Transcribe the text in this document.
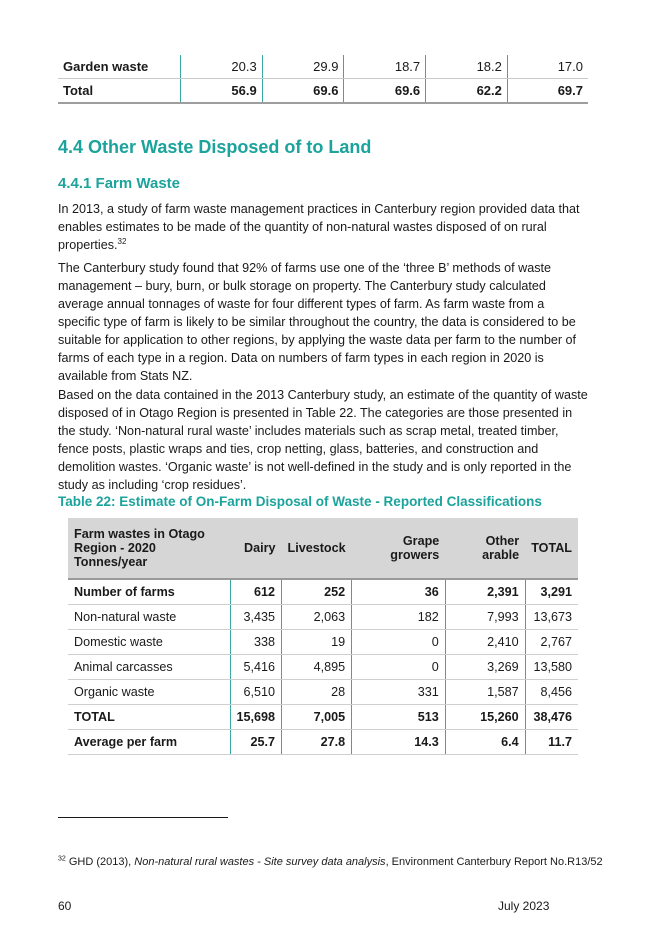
Garden waste	20.3	29.9	18.7	18.2	17.0
Total	56.9	69.6	69.6	62.2	69.7
4.4 Other Waste Disposed of to Land
4.4.1 Farm Waste

In 2013, a study of farm waste management practices in Canterbury region provided data that enables estimates to be made of the quantity of non-natural wastes disposed of on rural properties.$^{32}$

The Canterbury study found that 92% of farms use one of the ‘three B’ methods of waste management – bury, burn, or bulk storage on property. The Canterbury study calculated average annual tonnages of waste for four different types of farm. As farm waste from a specific type of farm is likely to be similar throughout the country, the data is considered to be suitable for application to other regions, by applying the waste data per farm to the number of farms of each type in a region. Data on numbers of farm types in each region in 2020 is available from Stats NZ.

Based on the data contained in the 2013 Canterbury study, an estimate of the quantity of waste disposed of in Otago Region is presented in Table 22. The categories are those presented in the study. ‘Non-natural rural waste’ includes materials such as scrap metal, treated timber, fence posts, plastic wraps and ties, crop netting, glass, batteries, and construction and demolition wastes. ‘Organic waste’ is not well-defined in the study and is only reported in the study as including ‘crop residues’.

Table 22: Estimate of On-Farm Disposal of Waste - Reported Classifications

Farm wastes in Otago Region - 2020 Tonnes/year	Dairy	Livestock	Grape growers	Other arable	TOTAL
Number of farms	612	252	36	2,391	3,291
Non-natural waste	3,435	2,063	182	7,993	13,673
Domestic waste	338	19	0	2,410	2,767
Animal carcasses	5,416	4,895	0	3,269	13,580
Organic waste	6,510	28	331	1,587	8,456
TOTAL	15,698	7,005	513	15,260	38,476
Average per farm	25.7	27.8	14.3	6.4	11.7

$^{32}$ GHD (2013), Non-natural rural wastes - Site survey data analysis, Environment Canterbury Report No.R13/52

60	July 2023
